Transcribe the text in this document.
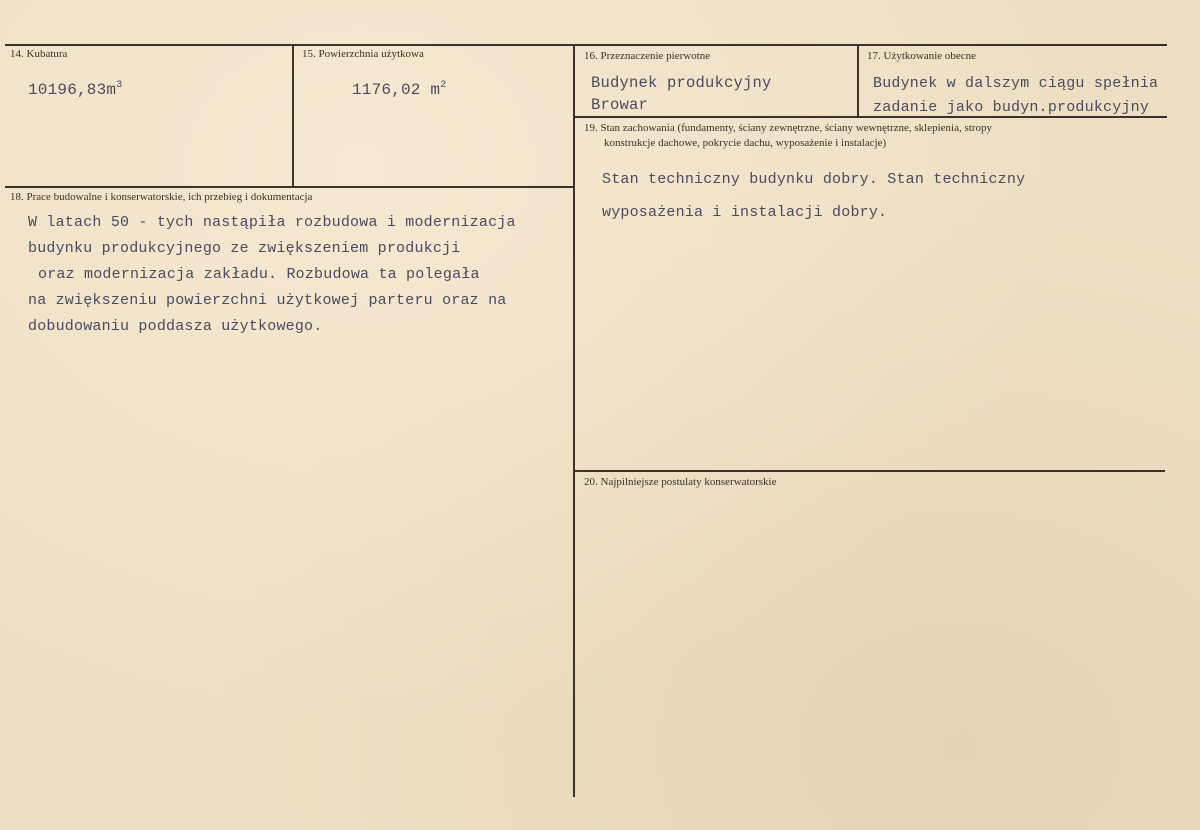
14. Kubatura
$10196,83m^3$
15. Powierzchnia użytkowa
1176,02 $m^2$
16. Przeznaczenie pierwotne
Budynek produkcyjny
Browar
17. Użytkowanie obecne
Budynek w dalszym ciągu spełnia
zadanie jako budyn.produkcyjny
18. Prace budowalne i konserwatorskie, ich przebieg i dokumentacja
W latach 50 - tych nastąpiła rozbudowa i modernizacja
budynku produkcyjnego ze zwiększeniem produkcji
oraz modernizacja zakładu. Rozbudowa ta polegała
na zwiększeniu powierzchni użytkowej parteru oraz na
dobudowaniu poddasza użytkowego.
19. Stan zachowania (fundamenty, ściany zewnętrzne, ściany wewnętrzne, sklepienia, stropy
konstrukcje dachowe, pokrycie dachu, wyposażenie i instalacje)
Stan techniczny budynku dobry. Stan techniczny
wyposażenia i instalacji dobry.
20. Najpilniejsze postulaty konserwatorskie
